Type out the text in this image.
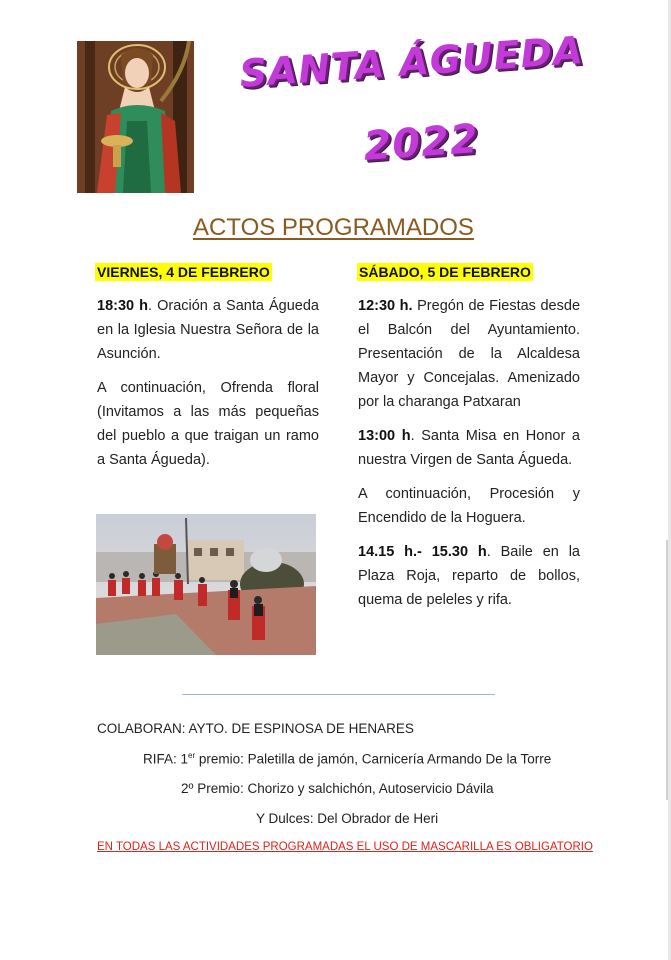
SANTA ÁGUEDA
2022
ACTOS PROGRAMADOS
VIERNES, 4 DE FEBRERO

18:30 h. Oración a Santa Águeda en la Iglesia Nuestra Señora de la Asunción.

A continuación, Ofrenda floral (Invitamos a las más pequeñas del pueblo a que traigan un ramo a Santa Águeda).

SÁBADO, 5 DE FEBRERO

12:30 h. Pregón de Fiestas desde el Balcón del Ayuntamiento. Presentación de la Alcaldesa Mayor y Concejalas. Amenizado por la charanga Patxaran

13:00 h. Santa Misa en Honor a nuestra Virgen de Santa Águeda.

A continuación, Procesión y Encendido de la Hoguera.

14.15 h.- 15.30 h. Baile en la Plaza Roja, reparto de bollos, quema de peleles y rifa.

COLABORAN: AYTO. DE ESPINOSA DE HENARES
RIFA: 1er premio: Paletilla de jamón, Carnicería Armando De la Torre
2º Premio: Chorizo y salchichón, Autoservicio Dávila
Y Dulces: Del Obrador de Heri
EN TODAS LAS ACTIVIDADES PROGRAMADAS EL USO DE MASCARILLA ES OBLIGATORIO
